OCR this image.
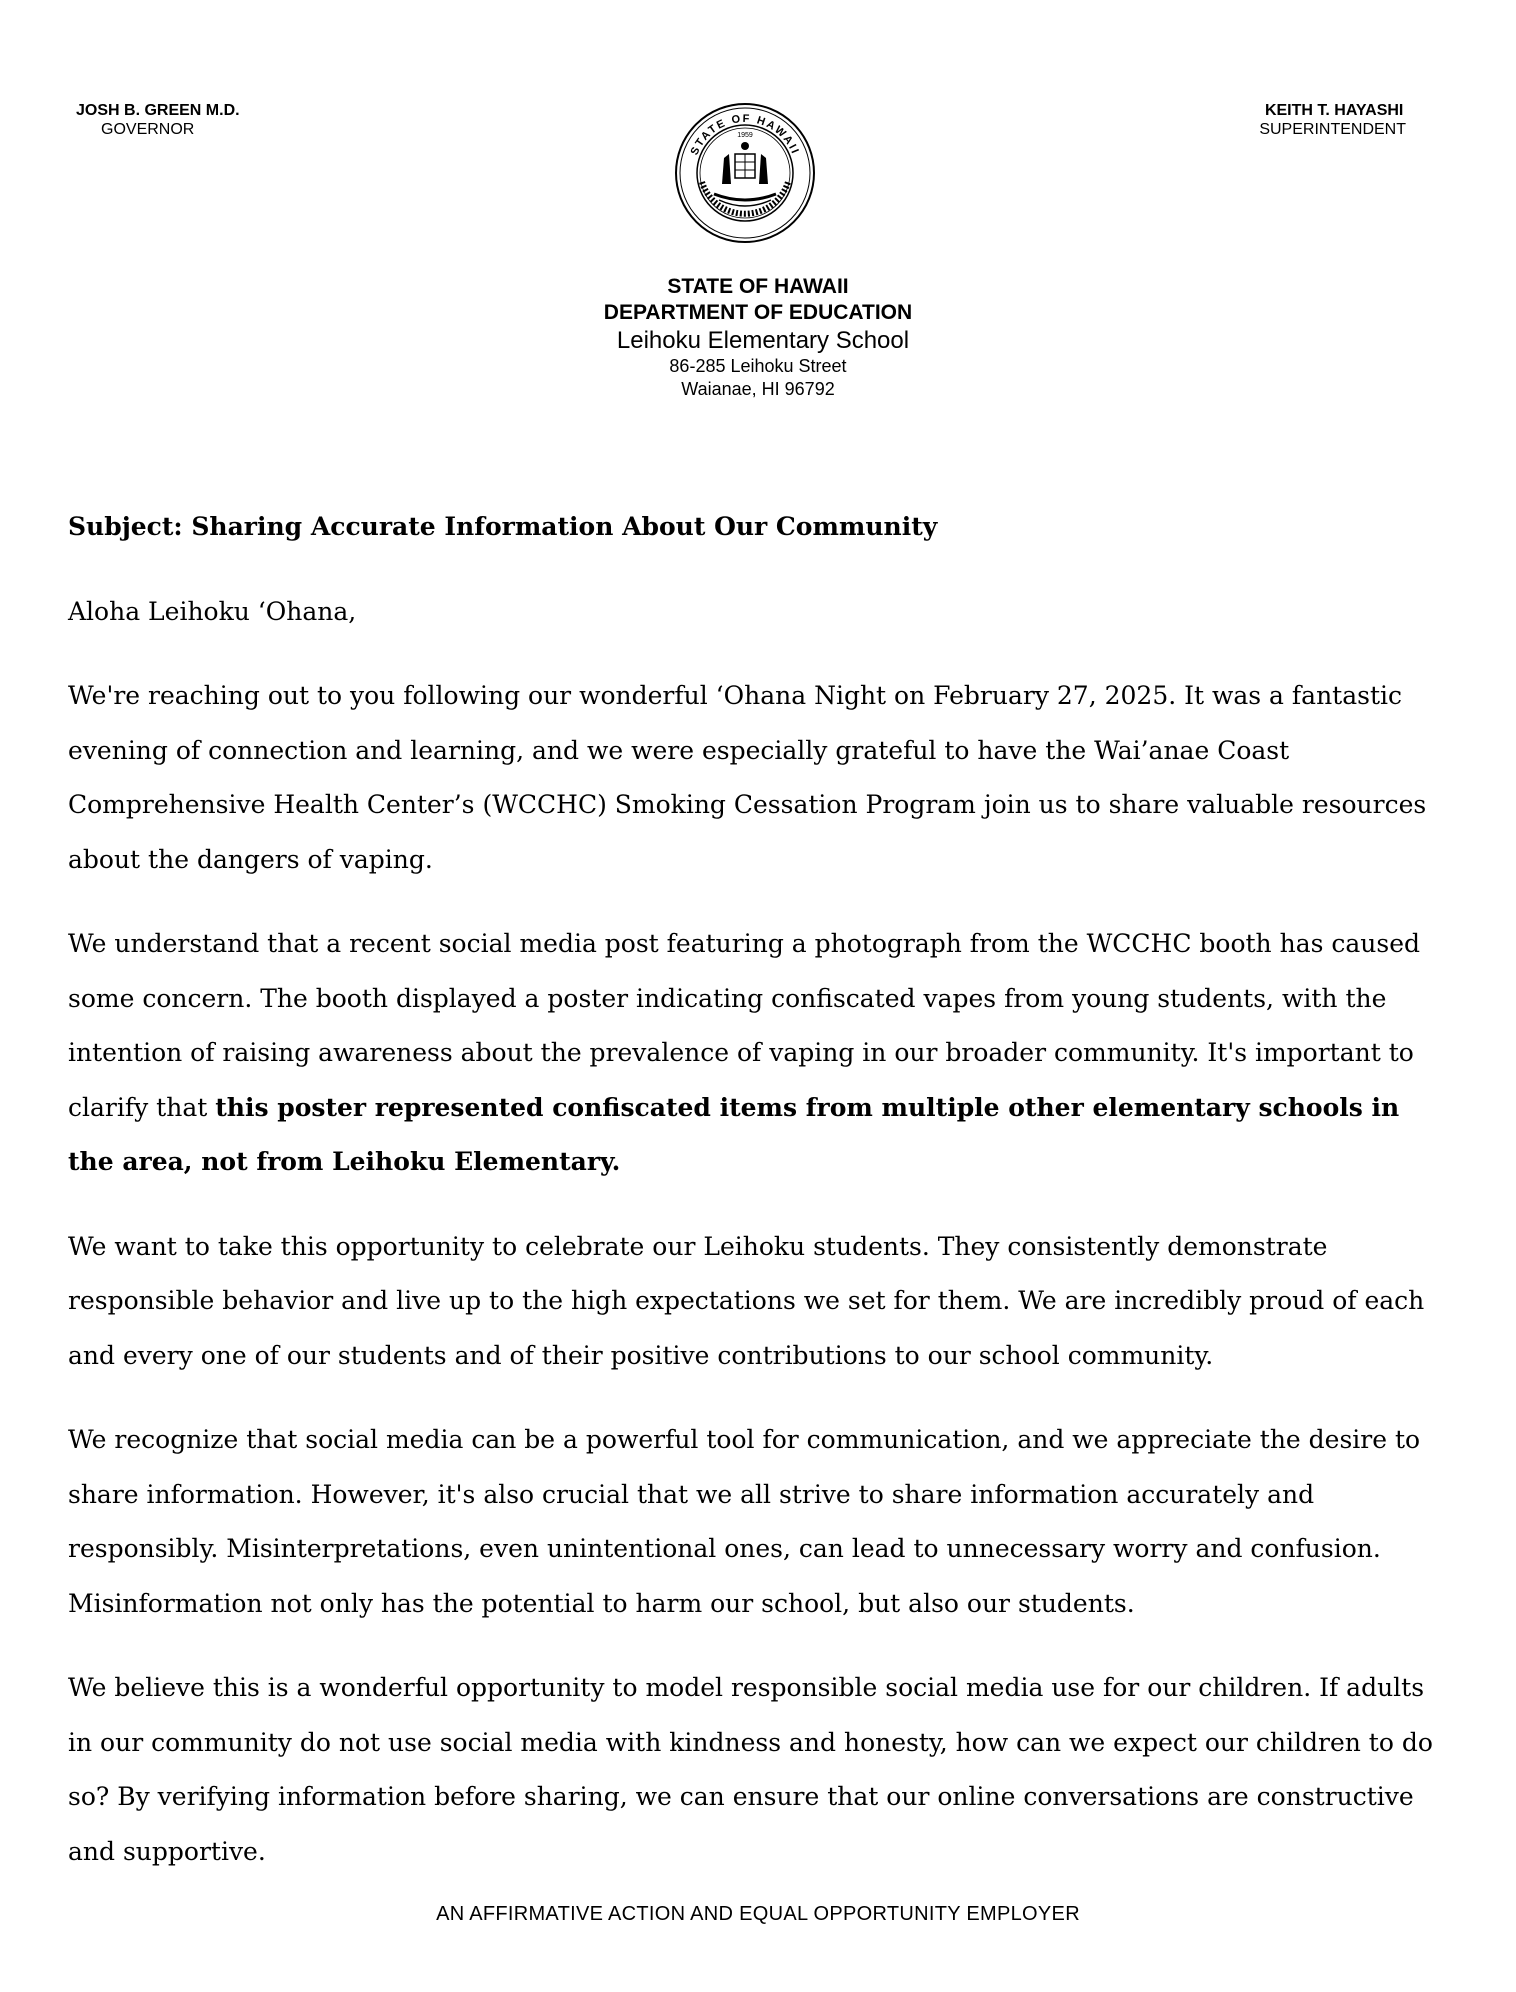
JOSH B. GREEN M.D.
GOVERNOR
STATE OF HAWAII
1959
KEITH T. HAYASHI
SUPERINTENDENT
STATE OF HAWAII
DEPARTMENT OF EDUCATION
Leihoku Elementary School
86-285 Leihoku Street
Waianae, HI 96792

Subject: Sharing Accurate Information About Our Community

Aloha Leihoku ‘Ohana,

We're reaching out to you following our wonderful ‘Ohana Night on February 27, 2025. It was a fantastic evening of connection and learning, and we were especially grateful to have the Wai’anae Coast Comprehensive Health Center’s (WCCHC) Smoking Cessation Program join us to share valuable resources about the dangers of vaping.

We understand that a recent social media post featuring a photograph from the WCCHC booth has caused some concern. The booth displayed a poster indicating confiscated vapes from young students, with the intention of raising awareness about the prevalence of vaping in our broader community. It's important to clarify that this poster represented confiscated items from multiple other elementary schools in the area, not from Leihoku Elementary.

We want to take this opportunity to celebrate our Leihoku students. They consistently demonstrate responsible behavior and live up to the high expectations we set for them. We are incredibly proud of each and every one of our students and of their positive contributions to our school community.

We recognize that social media can be a powerful tool for communication, and we appreciate the desire to share information. However, it's also crucial that we all strive to share information accurately and responsibly. Misinterpretations, even unintentional ones, can lead to unnecessary worry and confusion. Misinformation not only has the potential to harm our school, but also our students.

We believe this is a wonderful opportunity to model responsible social media use for our children. If adults in our community do not use social media with kindness and honesty, how can we expect our children to do so? By verifying information before sharing, we can ensure that our online conversations are constructive and supportive.

AN AFFIRMATIVE ACTION AND EQUAL OPPORTUNITY EMPLOYER
